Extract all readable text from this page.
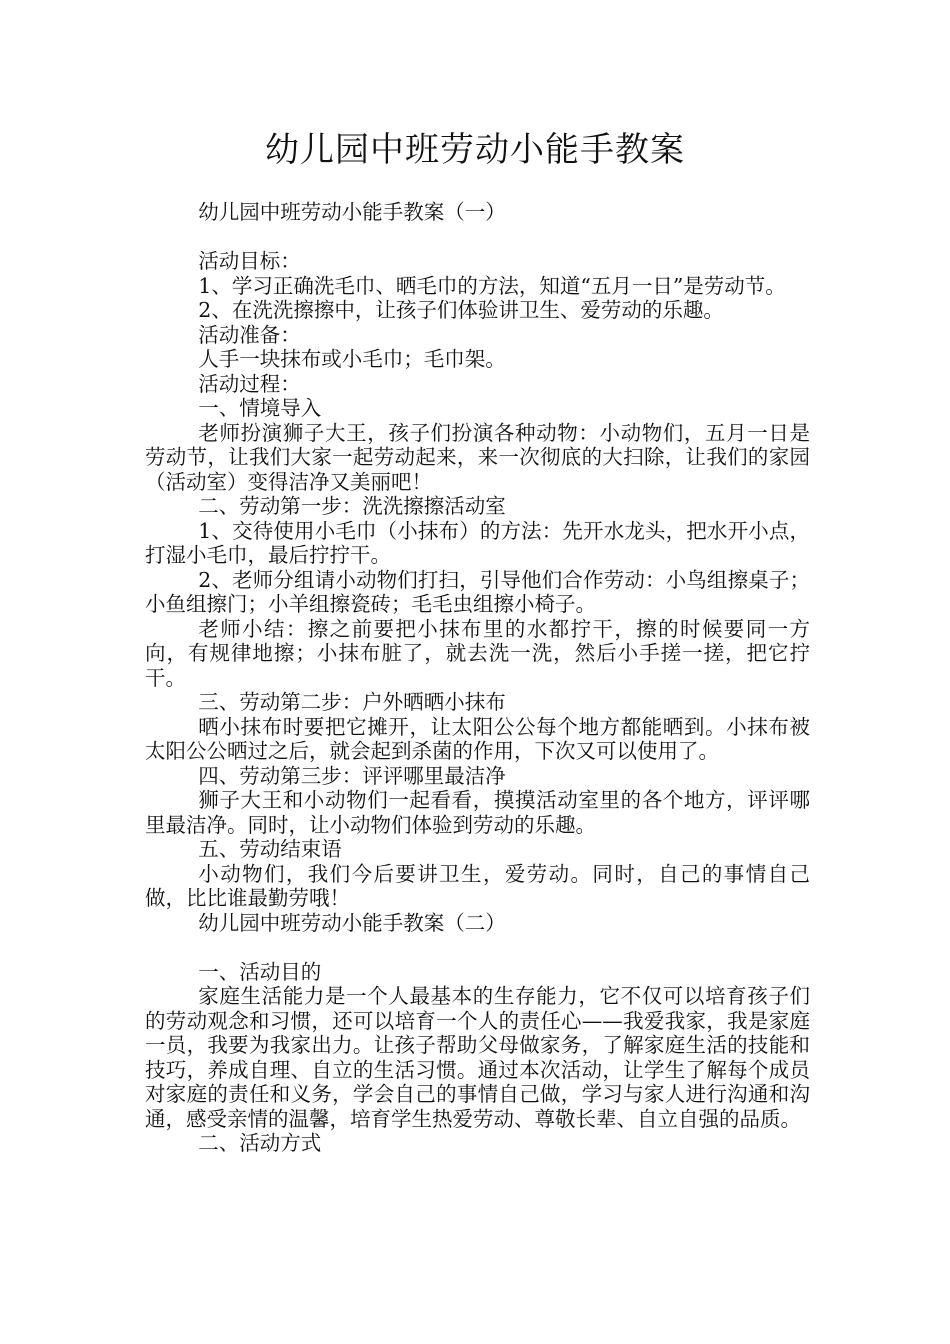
幼儿园中班劳动小能手教案

幼儿园中班劳动小能手教案（一）

活动目标：

1、学习正确洗毛巾、晒毛巾的方法，知道“五月一日”是劳动节。

2、在洗洗擦擦中，让孩子们体验讲卫生、爱劳动的乐趣。

活动准备：

人手一块抹布或小毛巾；毛巾架。

活动过程：

一、情境导入

老师扮演狮子大王，孩子们扮演各种动物：小动物们，五月一日是劳动节，让我们大家一起劳动起来，来一次彻底的大扫除，让我们的家园（活动室）变得洁净又美丽吧！

二、劳动第一步：洗洗擦擦活动室

1、交待使用小毛巾（小抹布）的方法：先开水龙头，把水开小点，打湿小毛巾，最后拧拧干。

2、老师分组请小动物们打扫，引导他们合作劳动：小鸟组擦桌子；小鱼组擦门；小羊组擦瓷砖；毛毛虫组擦小椅子。

老师小结：擦之前要把小抹布里的水都拧干，擦的时候要同一方向，有规律地擦；小抹布脏了，就去洗一洗，然后小手搓一搓，把它拧干。

三、劳动第二步：户外晒晒小抹布

晒小抹布时要把它摊开，让太阳公公每个地方都能晒到。小抹布被太阳公公晒过之后，就会起到杀菌的作用，下次又可以使用了。

四、劳动第三步：评评哪里最洁净

狮子大王和小动物们一起看看，摸摸活动室里的各个地方，评评哪里最洁净。同时，让小动物们体验到劳动的乐趣。

五、劳动结束语

小动物们，我们今后要讲卫生，爱劳动。同时，自己的事情自己做，比比谁最勤劳哦！

幼儿园中班劳动小能手教案（二）

一、活动目的

家庭生活能力是一个人最基本的生存能力，它不仅可以培育孩子们的劳动观念和习惯，还可以培育一个人的责任心——我爱我家，我是家庭一员，我要为我家出力。让孩子帮助父母做家务，了解家庭生活的技能和技巧，养成自理、自立的生活习惯。通过本次活动，让学生了解每个成员对家庭的责任和义务，学会自己的事情自己做，学习与家人进行沟通和沟通，感受亲情的温馨，培育学生热爱劳动、尊敬长辈、自立自强的品质。

二、活动方式
